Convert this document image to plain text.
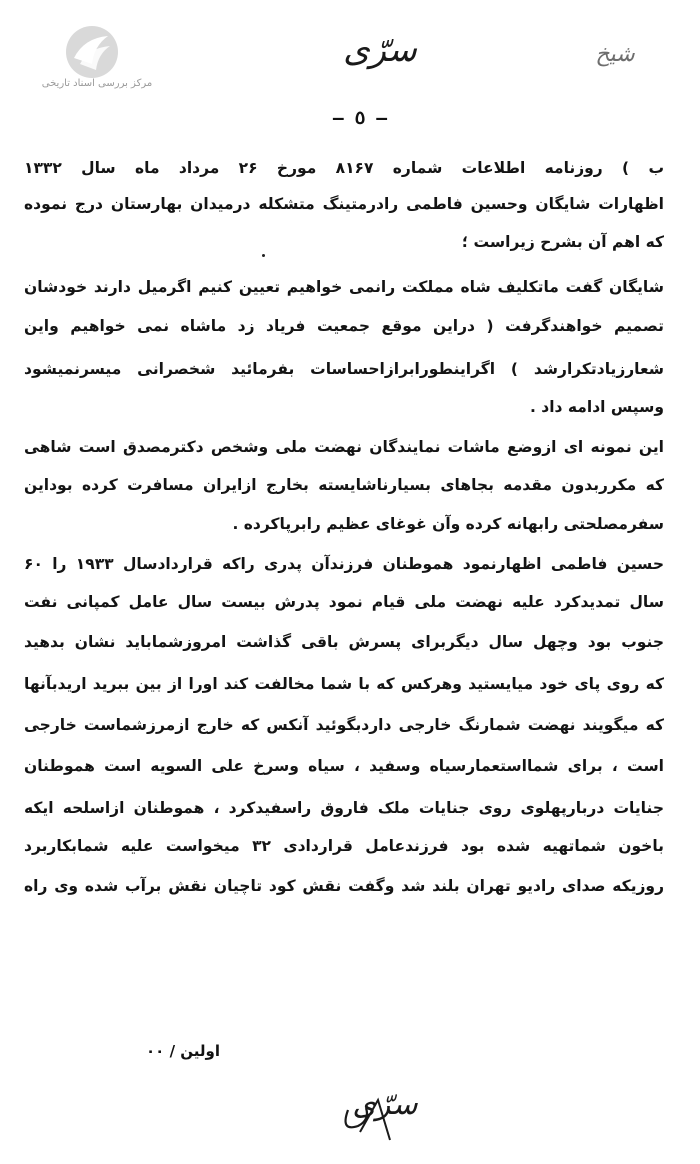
مرکز بررسی اسناد تاریخی
سرّی	شیخ
— ٥ —
ب ) روزنامه اطلاعات شماره ۸۱۶۷ مورخ ۲۶ مرداد ماه سال ۱۳۳۲
اظهارات شایگان وحسین فاطمی رادرمتینگ متشکله درمیدان بهارستان درج نموده
که اهم آن بشرح زیراست ؛
شایگان گفت ماتکلیف شاه مملکت رانمی خواهیم تعیین کنیم اگرمیل دارند خودشان
تصمیم خواهندگرفت ( دراین موقع جمعیت فریاد زد ماشاه نمی خواهیم واین
شعارزیادتکرارشد ) اگراینطورابرازاحساسات بفرمائید شخصرانی میسرنمیشود
وسپس ادامه داد .
این نمونه ای ازوضع ماشات نمایندگان نهضت ملی وشخص دکترمصدق است شاهی
که مکرربدون مقدمه بجاهای بسیارناشایسته بخارج ازایران مسافرت کرده بوداین
سفرمصلحتی رابهانه کرده وآن غوغای عظیم رابرپاکرده .
حسین فاطمی اظهارنمود هموطنان فرزندآن پدری راکه قراردادسال ۱۹۳۳ را ۶۰
سال تمدیدکرد علیه نهضت ملی قیام نمود پدرش بیست سال عامل کمپانی نفت
جنوب بود وچهل سال دیگربرای پسرش باقی گذاشت امروزشماباید نشان بدهید
که روی پای خود میایستید وهرکس که با شما مخالفت کند اورا از بین ببرید اریدبآنها
که میگویند نهضت شمارنگ خارجی داردبگوئید آنکس که خارج ازمرزشماست خارجی
است ، برای شمااستعمارسیاه وسفید ، سیاه وسرخ علی السویه است هموطنان
جنایات دربارپهلوی روی جنایات ملک فاروق راسفیدکرد ، هموطنان ازاسلحه ایکه
باخون شماتهیه شده بود فرزندعامل قراردادی ۳۲ میخواست علیه شمابکاربرد
روزیکه صدای رادیو تهران بلند شد وگفت نقش کود تاچیان نقش برآب شده وی راه
اولین / ۰۰
سرّی
